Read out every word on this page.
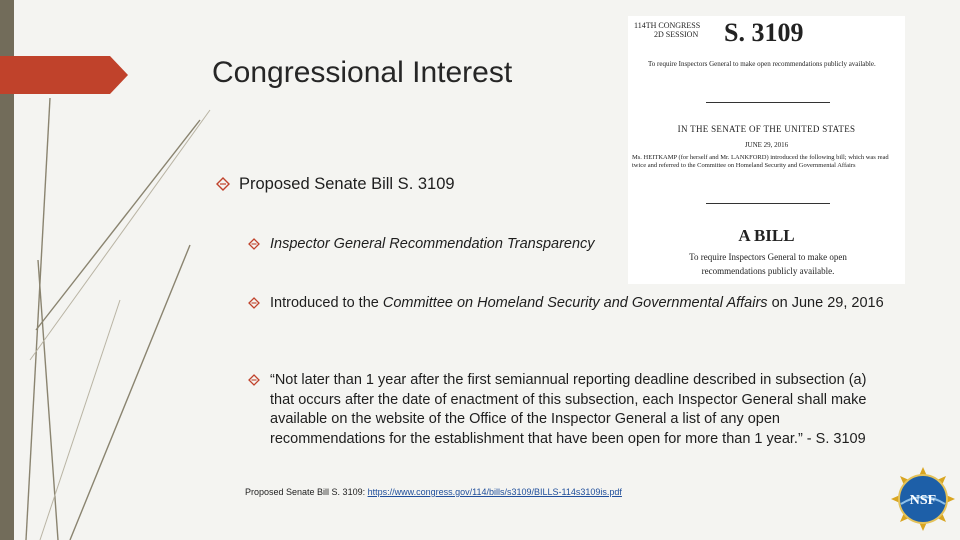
Congressional Interest
Proposed Senate Bill S. 3109
Inspector General Recommendation Transparency
Introduced to the Committee on Homeland Security and Governmental Affairs on June 29, 2016
“Not later than 1 year after the first semiannual reporting deadline described in subsection (a) that occurs after the date of enactment of this subsection, each Inspector General shall make available on the website of the Office of the Inspector General a list of any open recommendations for the establishment that have been open for more than 1 year.” - S. 3109
Proposed Senate Bill S. 3109: https://www.congress.gov/114/bills/s3109/BILLS-114s3109is.pdf
114TH CONGRESS
2D SESSION S. 3109
To require Inspectors General to make open recommendations publicly available.
IN THE SENATE OF THE UNITED STATES
JUNE 29, 2016
Ms. HEITKAMP (for herself and Mr. LANKFORD) introduced the following bill; which was read twice and referred to the Committee on Homeland Security and Governmental Affairs
A BILL
To require Inspectors General to make open recommendations publicly available.
NSF
